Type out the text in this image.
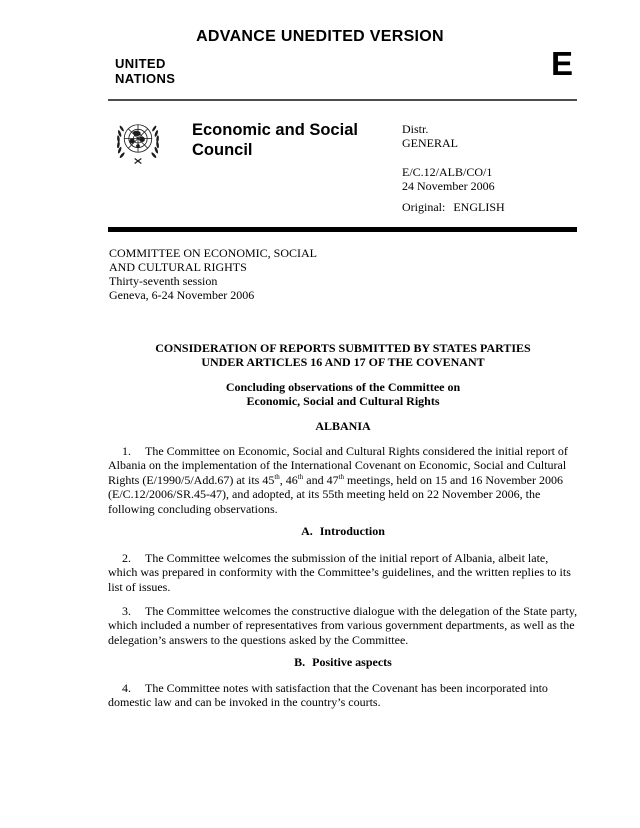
ADVANCE UNEDITED VERSION
UNITED
NATIONS	E
Economic and Social Council
Distr.
GENERAL
E/C.12/ALB/CO/1
24 November 2006
Original: ENGLISH
COMMITTEE ON ECONOMIC, SOCIAL
AND CULTURAL RIGHTS
Thirty-seventh session
Geneva, 6-24 November 2006
CONSIDERATION OF REPORTS SUBMITTED BY STATES PARTIES
UNDER ARTICLES 16 AND 17 OF THE COVENANT
Concluding observations of the Committee on
Economic, Social and Cultural Rights
ALBANIA

1. The Committee on Economic, Social and Cultural Rights considered the initial report of Albania on the implementation of the International Covenant on Economic, Social and Cultural Rights (E/1990/5/Add.67) at its 45th, 46th and 47th meetings, held on 15 and 16 November 2006 (E/C.12/2006/SR.45-47), and adopted, at its 55th meeting held on 22 November 2006, the following concluding observations.

A. Introduction

2. The Committee welcomes the submission of the initial report of Albania, albeit late, which was prepared in conformity with the Committee’s guidelines, and the written replies to its list of issues.

3. The Committee welcomes the constructive dialogue with the delegation of the State party, which included a number of representatives from various government departments, as well as the delegation’s answers to the questions asked by the Committee.

B. Positive aspects

4. The Committee notes with satisfaction that the Covenant has been incorporated into domestic law and can be invoked in the country’s courts.
